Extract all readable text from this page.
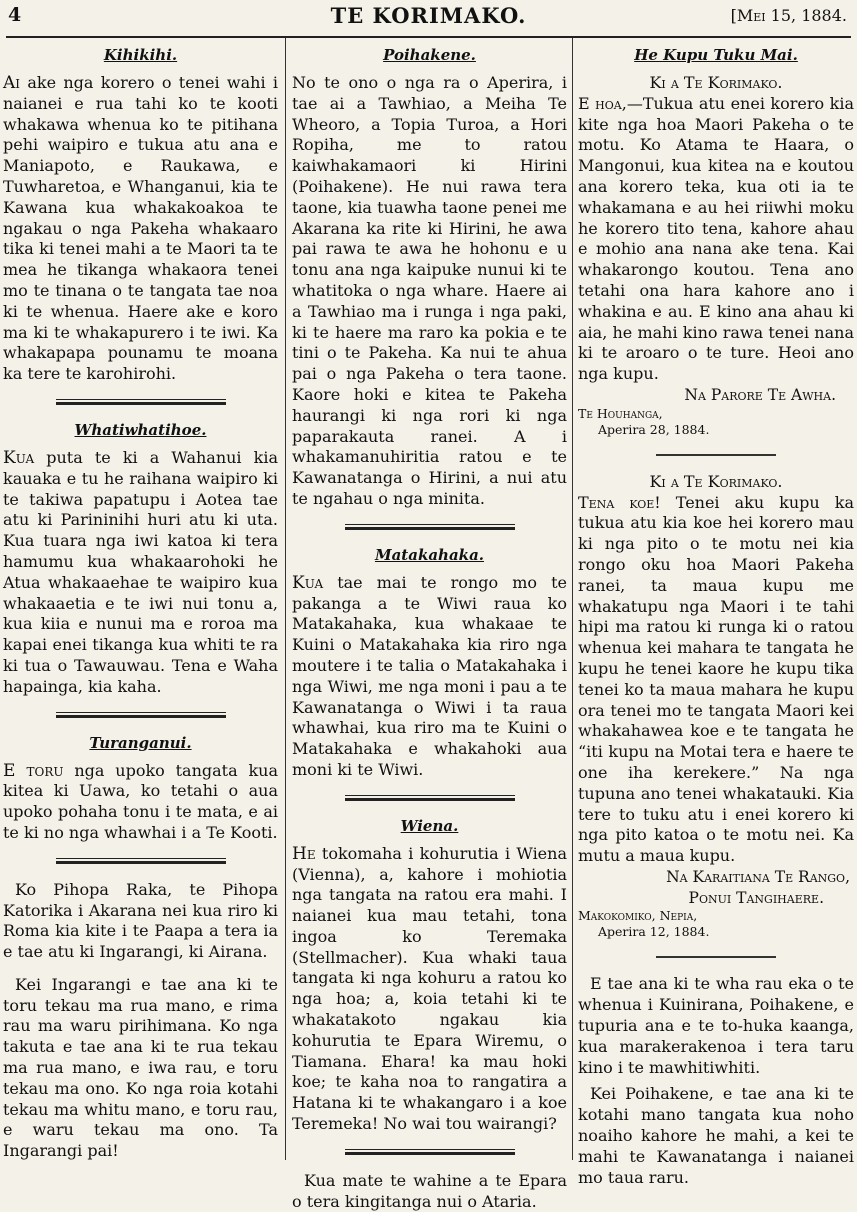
4	TE KORIMAKO.	[Mei 15, 1884.
Kihikihi.

Ai ake nga korero o tenei wahi i naianei e rua tahi ko te kooti whakawa whenua ko te pitihana pehi waipiro e tukua atu ana e Maniapoto, e Raukawa, e Tuwharetoa, e Whanganui, kia te Kawana kua whakakoakoa te ngakau o nga Pakeha whakaaro tika ki tenei mahi a te Maori ta te mea he tikanga whakaora tenei mo te tinana o te tangata tae noa ki te whenua. Haere ake e koro ma ki te whakapurero i te iwi. Ka whakapapa pounamu te moana ka tere te karohirohi.

Whatiwhatihoe.

Kua puta te ki a Wahanui kia kauaka e tu he raihana waipiro ki te takiwa papatupu i Aotea tae atu ki Parininihi huri atu ki uta. Kua tuara nga iwi katoa ki tera hamumu kua whakaarohoki he Atua whakaaehae te waipiro kua whakaaetia e te iwi nui tonu a, kua kiia e nunui ma e roroa ma kapai enei tikanga kua whiti te ra ki tua o Tawauwau. Tena e Waha hapainga, kia kaha.

Turanganui.

E toru nga upoko tangata kua kitea ki Uawa, ko tetahi o aua upoko pohaha tonu i te mata, e ai te ki no nga whawhai i a Te Kooti.

Ko Pihopa Raka, te Pihopa Katorika i Akarana nei kua riro ki Roma kia kite i te Paapa a tera ia e tae atu ki Ingarangi, ki Airana.

Kei Ingarangi e tae ana ki te toru tekau ma rua mano, e rima rau ma waru pirihimana. Ko nga takuta e tae ana ki te rua tekau ma rua mano, e iwa rau, e toru tekau ma ono. Ko nga roia kotahi tekau ma whitu mano, e toru rau, e waru tekau ma ono. Ta Ingarangi pai!

Poihakene.

No te ono o nga ra o Aperira, i tae ai a Tawhiao, a Meiha Te Wheoro, a Topia Turoa, a Hori Ropiha, me to ratou kaiwhakamaori ki Hirini (Poihakene). He nui rawa tera taone, kia tuawha taone penei me Akarana ka rite ki Hirini, he awa pai rawa te awa he hohonu e u tonu ana nga kaipuke nunui ki te whatitoka o nga whare. Haere ai a Tawhiao ma i runga i nga paki, ki te haere ma raro ka pokia e te tini o te Pakeha. Ka nui te ahua pai o nga Pakeha o tera taone. Kaore hoki e kitea te Pakeha haurangi ki nga rori ki nga paparakauta ranei. A i whakamanuhiritia ratou e te Kawanatanga o Hirini, a nui atu te ngahau o nga minita.

Matakahaka.

Kua tae mai te rongo mo te pakanga a te Wiwi raua ko Matakahaka, kua whakaae te Kuini o Matakahaka kia riro nga moutere i te talia o Matakahaka i nga Wiwi, me nga moni i pau a te Kawanatanga o Wiwi i ta raua whawhai, kua riro ma te Kuini o Matakahaka e whakahoki aua moni ki te Wiwi.

Wiena.

He tokomaha i kohurutia i Wiena (Vienna), a, kahore i mohiotia nga tangata na ratou era mahi. I naianei kua mau tetahi, tona ingoa ko Teremaka (Stellmacher). Kua whaki taua tangata ki nga kohuru a ratou ko nga hoa; a, koia tetahi ki te whakatakoto ngakau kia kohurutia te Epara Wiremu, o Tiamana. Ehara! ka mau hoki koe; te kaha noa to rangatira a Hatana ki te whakangaro i a koe Teremeka! No wai tou wairangi?

Kua mate te wahine a te Epara o tera kingitanga nui o Ataria.

He Kupu Tuku Mai.

Ki a Te Korimako.

E hoa,—Tukua atu enei korero kia kite nga hoa Maori Pakeha o te motu. Ko Atama te Haara, o Mangonui, kua kitea na e koutou ana korero teka, kua oti ia te whakamana e au hei riiwhi moku he korero tito tena, kahore ahau e mohio ana nana ake tena. Kai whakarongo koutou. Tena ano tetahi ona hara kahore ano i whakina e au. E kino ana ahau ki aia, he mahi kino rawa tenei nana ki te aroaro o te ture. Heoi ano nga kupu.

Na Parore Te Awha.

Te Houhanga,

Aperira 28, 1884.

Ki a Te Korimako.

Tena koe! Tenei aku kupu ka tukua atu kia koe hei korero mau ki nga pito o te motu nei kia rongo oku hoa Maori Pakeha ranei, ta maua kupu me whakatupu nga Maori i te tahi hipi ma ratou ki runga ki o ratou whenua kei mahara te tangata he kupu he tenei kaore he kupu tika tenei ko ta maua mahara he kupu ora tenei mo te tangata Maori kei whakahawea koe e te tangata he “iti kupu na Motai tera e haere te one iha kerekere.” Na nga tupuna ano tenei whakatauki. Kia tere to tuku atu i enei korero ki nga pito katoa o te motu nei. Ka mutu a maua kupu.

Na Karaitiana Te Rango,

Ponui Tangihaere.

Makokomiko, Nepia,

Aperira 12, 1884.

E tae ana ki te wha rau eka o te whenua i Kuinirana, Poihakene, e tupuria ana e te to-huka kaanga, kua marakerakenoa i tera taru kino i te mawhitiwhiti.

Kei Poihakene, e tae ana ki te kotahi mano tangata kua noho noaiho kahore he mahi, a kei te mahi te Kawanatanga i naianei mo taua raru.
